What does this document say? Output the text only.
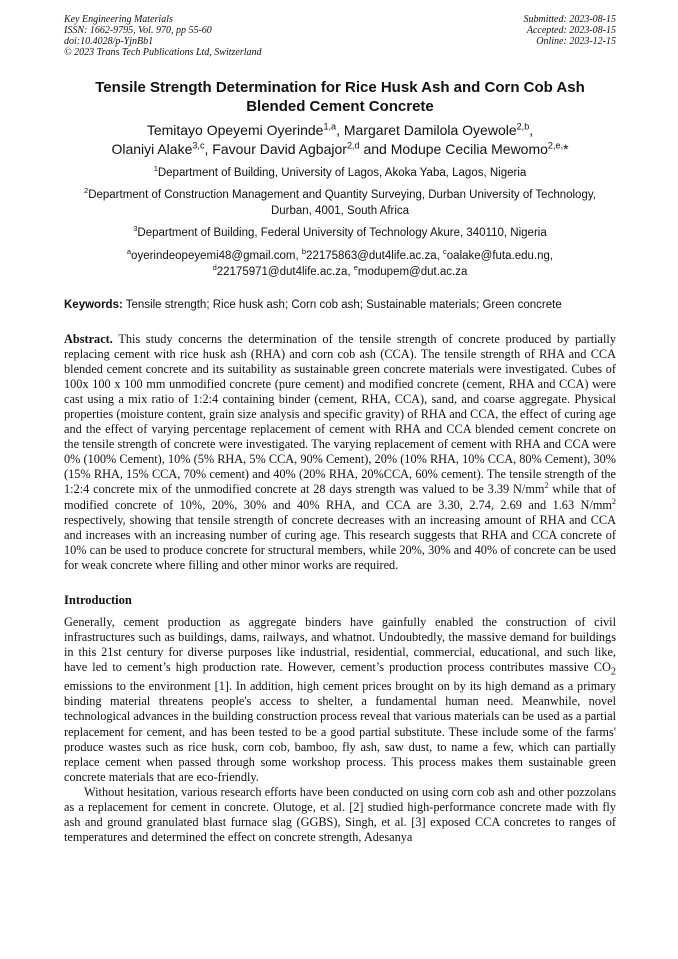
Key Engineering Materials
ISSN: 1662-9795, Vol. 970, pp 55-60
doi:10.4028/p-YjnBb1
© 2023 Trans Tech Publications Ltd, Switzerland
Submitted: 2023-08-15
Accepted: 2023-08-15
Online: 2023-12-15
Tensile Strength Determination for Rice Husk Ash and Corn Cob Ash
Blended Cement Concrete
Temitayo Opeyemi Oyerinde$^{1,a}$, Margaret Damilola Oyewole$^{2,b}$,
Olaniyi Alake$^{3,c}$, Favour David Agbajor$^{2,d}$ and Modupe Cecilia Mewomo$^{2,e,}$*
$^1$Department of Building, University of Lagos, Akoka Yaba, Lagos, Nigeria
$^2$Department of Construction Management and Quantity Surveying, Durban University of Technology, Durban, 4001, South Africa
$^3$Department of Building, Federal University of Technology Akure, 340110, Nigeria
$^a$oyerindeopeyemi48@gmail.com, $^b$22175863@dut4life.ac.za, $^c$oalake@futa.edu.ng,
$^d$22175971@dut4life.ac.za, $^e$modupem@dut.ac.za
Keywords: Tensile strength; Rice husk ash; Corn cob ash; Sustainable materials; Green concrete

Abstract. This study concerns the determination of the tensile strength of concrete produced by partially replacing cement with rice husk ash (RHA) and corn cob ash (CCA). The tensile strength of RHA and CCA blended cement concrete and its suitability as sustainable green concrete materials were investigated. Cubes of 100x 100 x 100 mm unmodified concrete (pure cement) and modified concrete (cement, RHA and CCA) were cast using a mix ratio of 1:2:4 containing binder (cement, RHA, CCA), sand, and coarse aggregate. Physical properties (moisture content, grain size analysis and specific gravity) of RHA and CCA, the effect of curing age and the effect of varying percentage replacement of cement with RHA and CCA blended cement concrete on the tensile strength of concrete were investigated. The varying replacement of cement with RHA and CCA were 0% (100% Cement), 10% (5% RHA, 5% CCA, 90% Cement), 20% (10% RHA, 10% CCA, 80% Cement), 30% (15% RHA, 15% CCA, 70% cement) and 40% (20% RHA, 20%CCA, 60% cement). The tensile strength of the 1:2:4 concrete mix of the unmodified concrete at 28 days strength was valued to be 3.39 $N/mm^2$ while that of modified concrete of 10%, 20%, 30% and 40% RHA, and CCA are 3.30, 2.74, 2.69 and 1.63 $N/mm^2$ respectively, showing that tensile strength of concrete decreases with an increasing amount of RHA and CCA and increases with an increasing number of curing age. This research suggests that RHA and CCA concrete of 10% can be used to produce concrete for structural members, while 20%, 30% and 40% of concrete can be used for weak concrete where filling and other minor works are required.

Introduction

Generally, cement production as aggregate binders have gainfully enabled the construction of civil infrastructures such as buildings, dams, railways, and whatnot. Undoubtedly, the massive demand for buildings in this 21st century for diverse purposes like industrial, residential, commercial, educational, and such like, have led to cement’s high production rate. However, cement’s production process contributes massive $CO_2$ emissions to the environment [1]. In addition, high cement prices brought on by its high demand as a primary binding material threatens people's access to shelter, a fundamental human need. Meanwhile, novel technological advances in the building construction process reveal that various materials can be used as a partial replacement for cement, and has been tested to be a good partial substitute. These include some of the farms' produce wastes such as rice husk, corn cob, bamboo, fly ash, saw dust, to name a few, which can partially replace cement when passed through some workshop process. This process makes them sustainable green concrete materials that are eco-friendly.

Without hesitation, various research efforts have been conducted on using corn cob ash and other pozzolans as a replacement for cement in concrete. Olutoge, et al. [2] studied high-performance concrete made with fly ash and ground granulated blast furnace slag (GGBS), Singh, et al. [3] exposed CCA concretes to ranges of temperatures and determined the effect on concrete strength, Adesanya
